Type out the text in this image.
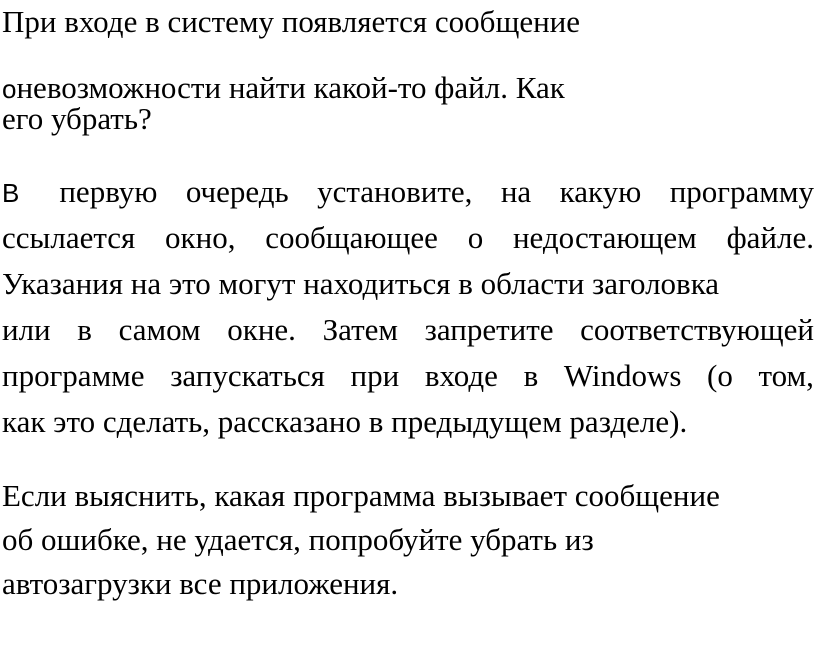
При входе в систему появляется сообщение
оневозможности найти какой-то файл. Как
его убрать?
В первую очередь установите, на какую программу
ссылается окно, сообщающее о недостающем файле.
Указания на это могут находиться в области заголовка
или в самом окне. Затем запретите соответствующей
программе запускаться при входе в Windows (о том,
как это сделать, рассказано в предыдущем разделе).
Если выяснить, какая программа вызывает сообщение
об ошибке, не удается, попробуйте убрать из
автозагрузки все приложения.
